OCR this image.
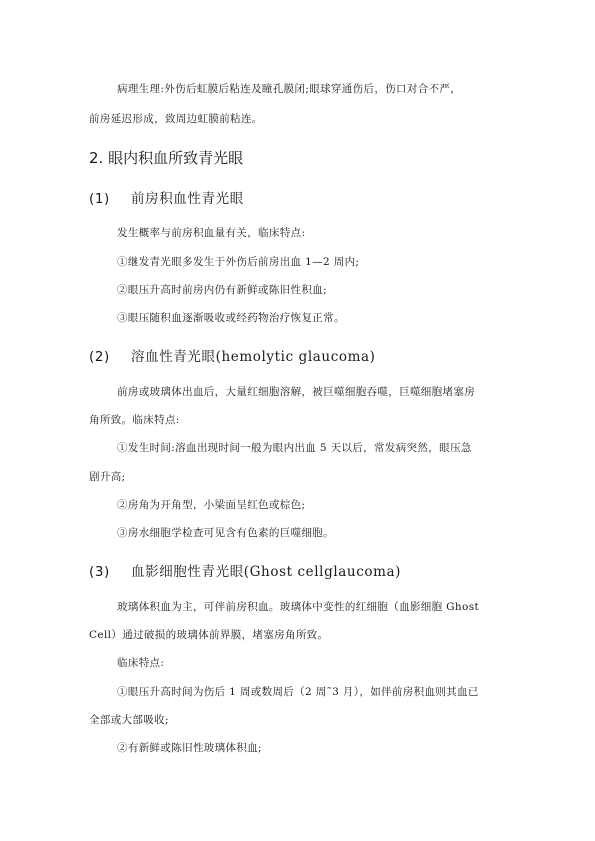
病理生理:外伤后虹膜后粘连及瞳孔膜闭;眼球穿通伤后，伤口对合不严，
前房延迟形成，致周边虹膜前粘连。
2. 眼内积血所致青光眼
(1) 前房积血性青光眼
发生概率与前房积血量有关，临床特点:
①继发青光眼多发生于外伤后前房出血 1—2 周内;
②眼压升高时前房内仍有新鲜或陈旧性积血;
③眼压随积血逐渐吸收或经药物治疗恢复正常。
(2) 溶血性青光眼(hemolytic glaucoma)
前房或玻璃体出血后，大量红细胞溶解，被巨噬细胞吞噬，巨噬细胞堵塞房
角所致。临床特点:
①发生时间:溶血出现时间一般为眼内出血 5 天以后，常发病突然，眼压急
剧升高;
②房角为开角型，小梁面呈红色或棕色;
③房水细胞学检查可见含有色素的巨噬细胞。
(3) 血影细胞性青光眼(Ghost cellglaucoma)
玻璃体积血为主，可伴前房积血。玻璃体中变性的红细胞（血影细胞 Ghost
Cell）通过破损的玻璃体前界膜，堵塞房角所致。
临床特点:
①眼压升高时间为伤后 1 周或数周后（2 周˜3 月），如伴前房积血则其血已
全部或大部吸收;
②有新鲜或陈旧性玻璃体积血;
